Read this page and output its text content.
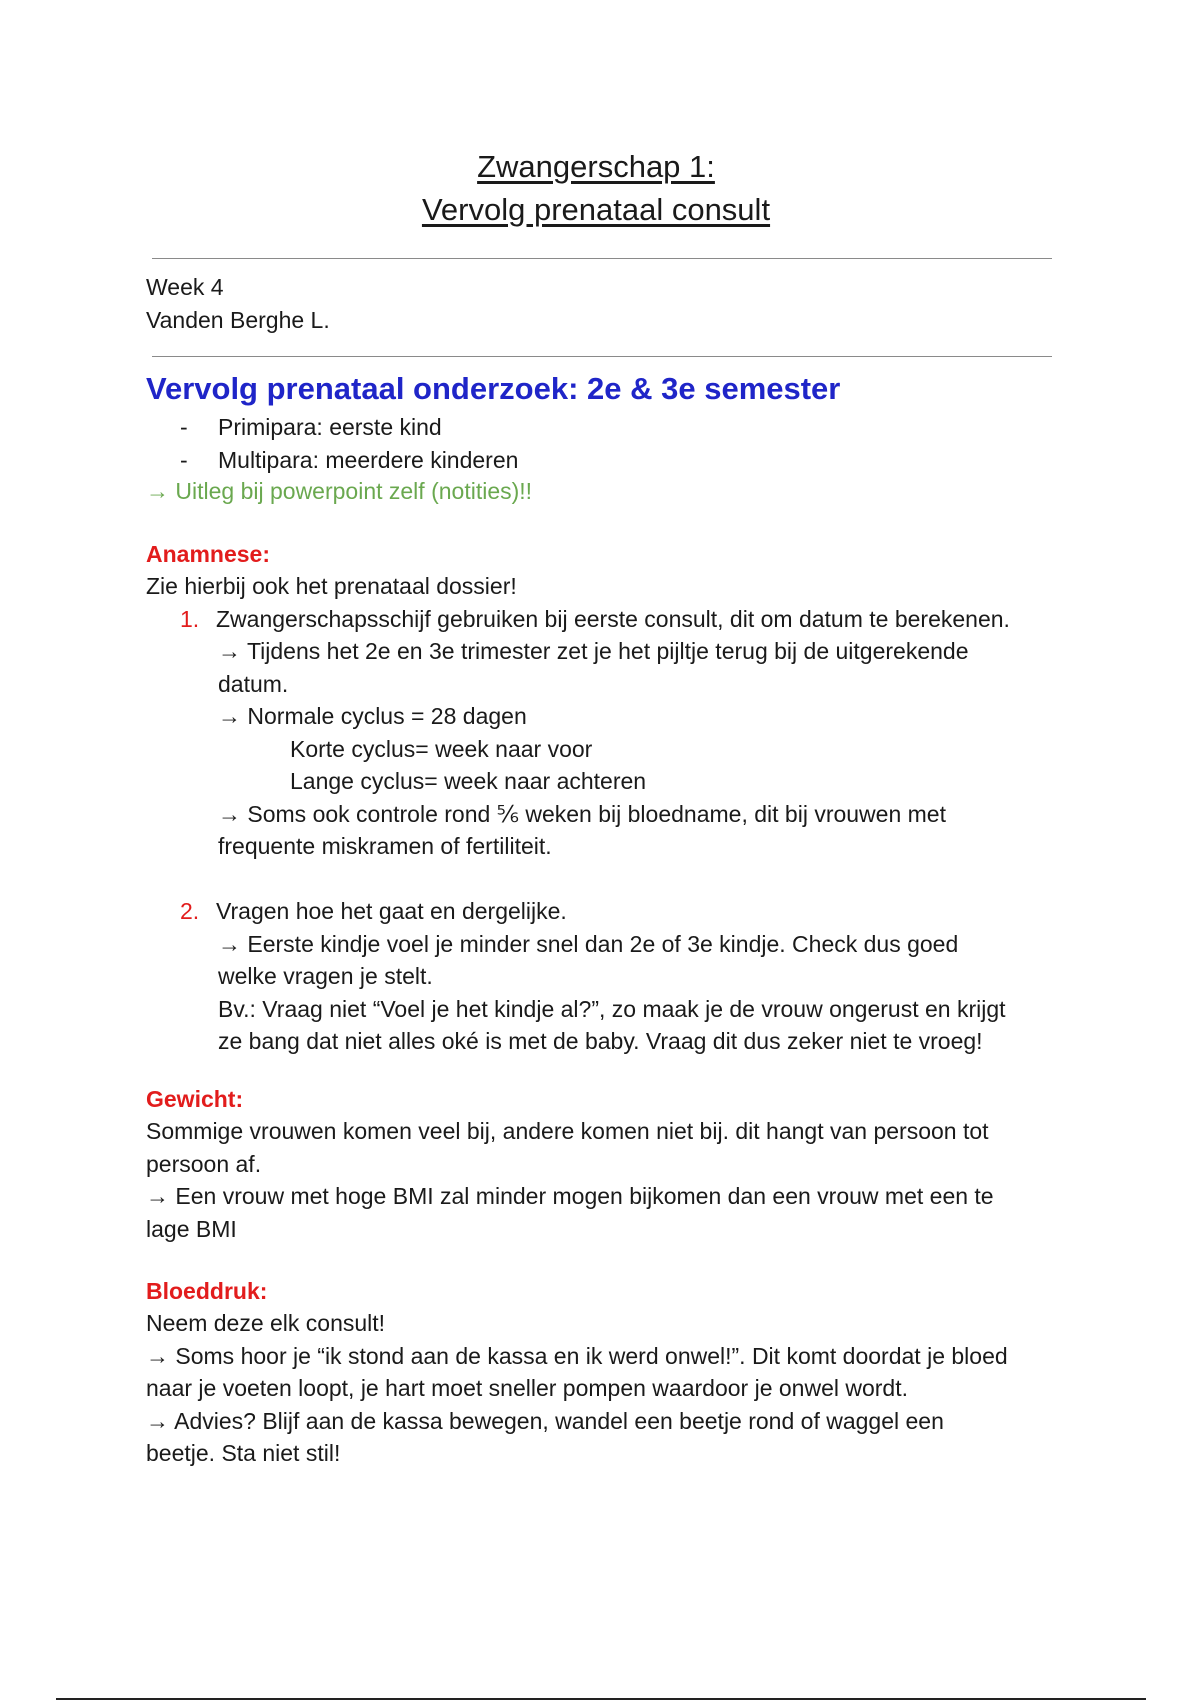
Zwangerschap 1:
Vervolg prenataal consult
Week 4
Vanden Berghe L.
Vervolg prenataal onderzoek: 2e & 3e semester
-	Primipara: eerste kind
-	Multipara: meerdere kinderen
→ Uitleg bij powerpoint zelf (notities)!!
Anamnese:
Zie hierbij ook het prenataal dossier!
1. Zwangerschapsschijf gebruiken bij eerste consult, dit om datum te berekenen.
→ Tijdens het 2e en 3e trimester zet je het pijltje terug bij de uitgerekende
datum.
→ Normale cyclus = 28 dagen
Korte cyclus= week naar voor
Lange cyclus= week naar achteren
→ Soms ook controle rond ⅚ weken bij bloedname, dit bij vrouwen met
frequente miskramen of fertiliteit.
2. Vragen hoe het gaat en dergelijke.
→ Eerste kindje voel je minder snel dan 2e of 3e kindje. Check dus goed
welke vragen je stelt.
Bv.: Vraag niet “Voel je het kindje al?”, zo maak je de vrouw ongerust en krijgt
ze bang dat niet alles oké is met de baby. Vraag dit dus zeker niet te vroeg!
Gewicht:
Sommige vrouwen komen veel bij, andere komen niet bij. dit hangt van persoon tot
persoon af.
→ Een vrouw met hoge BMI zal minder mogen bijkomen dan een vrouw met een te
lage BMI
Bloeddruk:
Neem deze elk consult!
→ Soms hoor je “ik stond aan de kassa en ik werd onwel!”. Dit komt doordat je bloed
naar je voeten loopt, je hart moet sneller pompen waardoor je onwel wordt.
→ Advies? Blijf aan de kassa bewegen, wandel een beetje rond of waggel een
beetje. Sta niet stil!
